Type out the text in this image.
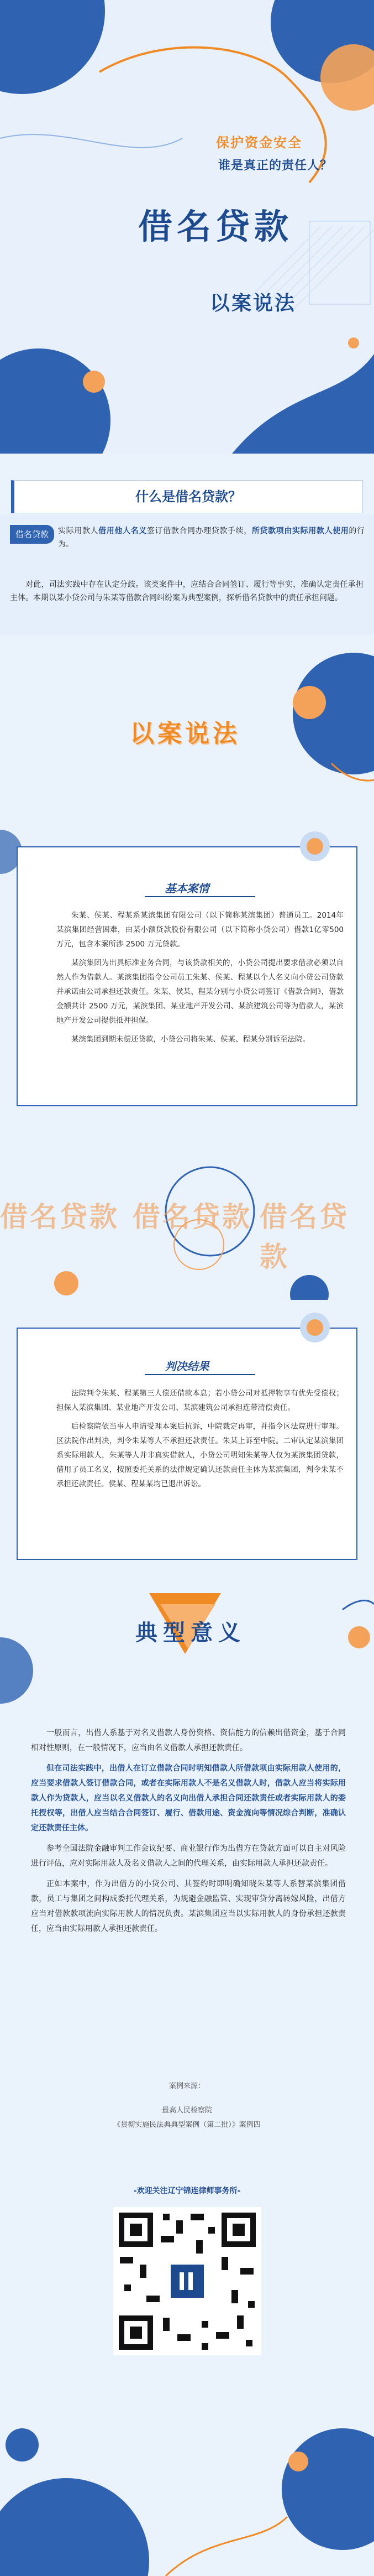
保护资金安全
谁是真正的责任人？
借名贷款
以案说法
什么是借名贷款？
借名贷款	实际用款人借用他人名义签订借款合同办理贷款手续，所贷款项由实际用款人使用的行为。
对此，司法实践中存在认定分歧。该类案件中，应结合合同签订、履行等事实，准确认定责任承担主体。本期以某小贷公司与朱某等借款合同纠纷案为典型案例，探析借名贷款中的责任承担问题。
以案说法
基本案情

朱某、侯某、程某系某滨集团有限公司（以下简称某滨集团）普通员工。2014年某滨集团经营困难，由某小额贷款股份有限公司（以下简称小贷公司）借款1亿零500万元，包含本案所涉 2500 万元贷款。

某滨集团为出具标准业务合同，与该贷款相关的，小贷公司提出要求借款必须以自然人作为借款人。某滨集团指令公司员工朱某、侯某、程某以个人名义向小贷公司贷款并承诺由公司承担还款责任。朱某、侯某、程某分别与小贷公司签订《借款合同》，借款金额共计 2500 万元，某滨集团、某业地产开发公司、某滨建筑公司等为借款人，某滨地产开发公司提供抵押担保。

某滨集团到期未偿还贷款，小贷公司将朱某、侯某、程某分别诉至法院。

借名贷款 借名贷款 借名贷款
判决结果

法院判令朱某、程某第三人偿还借款本息；若小贷公司对抵押物享有优先受偿权；担保人某滨集团、某业地产开发公司、某滨建筑公司承担连带清偿责任。

后检察院依当事人申请受理本案后抗诉，中院裁定再审，并指令区法院进行审理。区法院作出判决，判令朱某等人不承担还款责任。朱某上诉至中院。二审认定某滨集团系实际用款人，朱某等人并非真实借款人，小贷公司明知朱某等人仅为某滨集团贷款，借用了员工名义，按照委托关系的法律规定确认还款责任主体为某滨集团，判令朱某不承担还款责任。侯某、程某某均已退出诉讼。

典型意义

一般而言，出借人系基于对名义借款人身份资格、资信能力的信赖出借资金，基于合同相对性原则，在一般情况下，应当由名义借款人承担还款责任。

但在司法实践中，出借人在订立借款合同时明知借款人所借款项由实际用款人使用的，应当要求借款人签订借款合同，或者在实际用款人不是名义借款人时，借款人应当将实际用款人作为贷款人，应当以名义借款人的名义向出借人承担合同还款责任或者实际用款人的委托授权等，出借人应当结合合同签订、履行、借款用途、资金流向等情况综合判断，准确认定还款责任主体。

参考全国法院金融审判工作会议纪要、商业银行作为出借方在贷款方面可以自主对风险进行评估，应对实际用款人及名义借款人之间的代理关系，由实际用款人承担还款责任。

正如本案中，作为出借方的小贷公司、其签约时即明确知晓朱某等人系替某滨集团借款，员工与集团之间构成委托代理关系，为规避金融监管、实现审贷分离转嫁风险，出借方应当对借款款项流向实际用款人的情况负责。某滨集团应当以实际用款人的身份承担还款责任，应当由实际用款人承担还款责任。

案例来源：
最高人民检察院
《贯彻实施民法典典型案例（第二批）》案例四
-欢迎关注辽宁锦连律师事务所-
